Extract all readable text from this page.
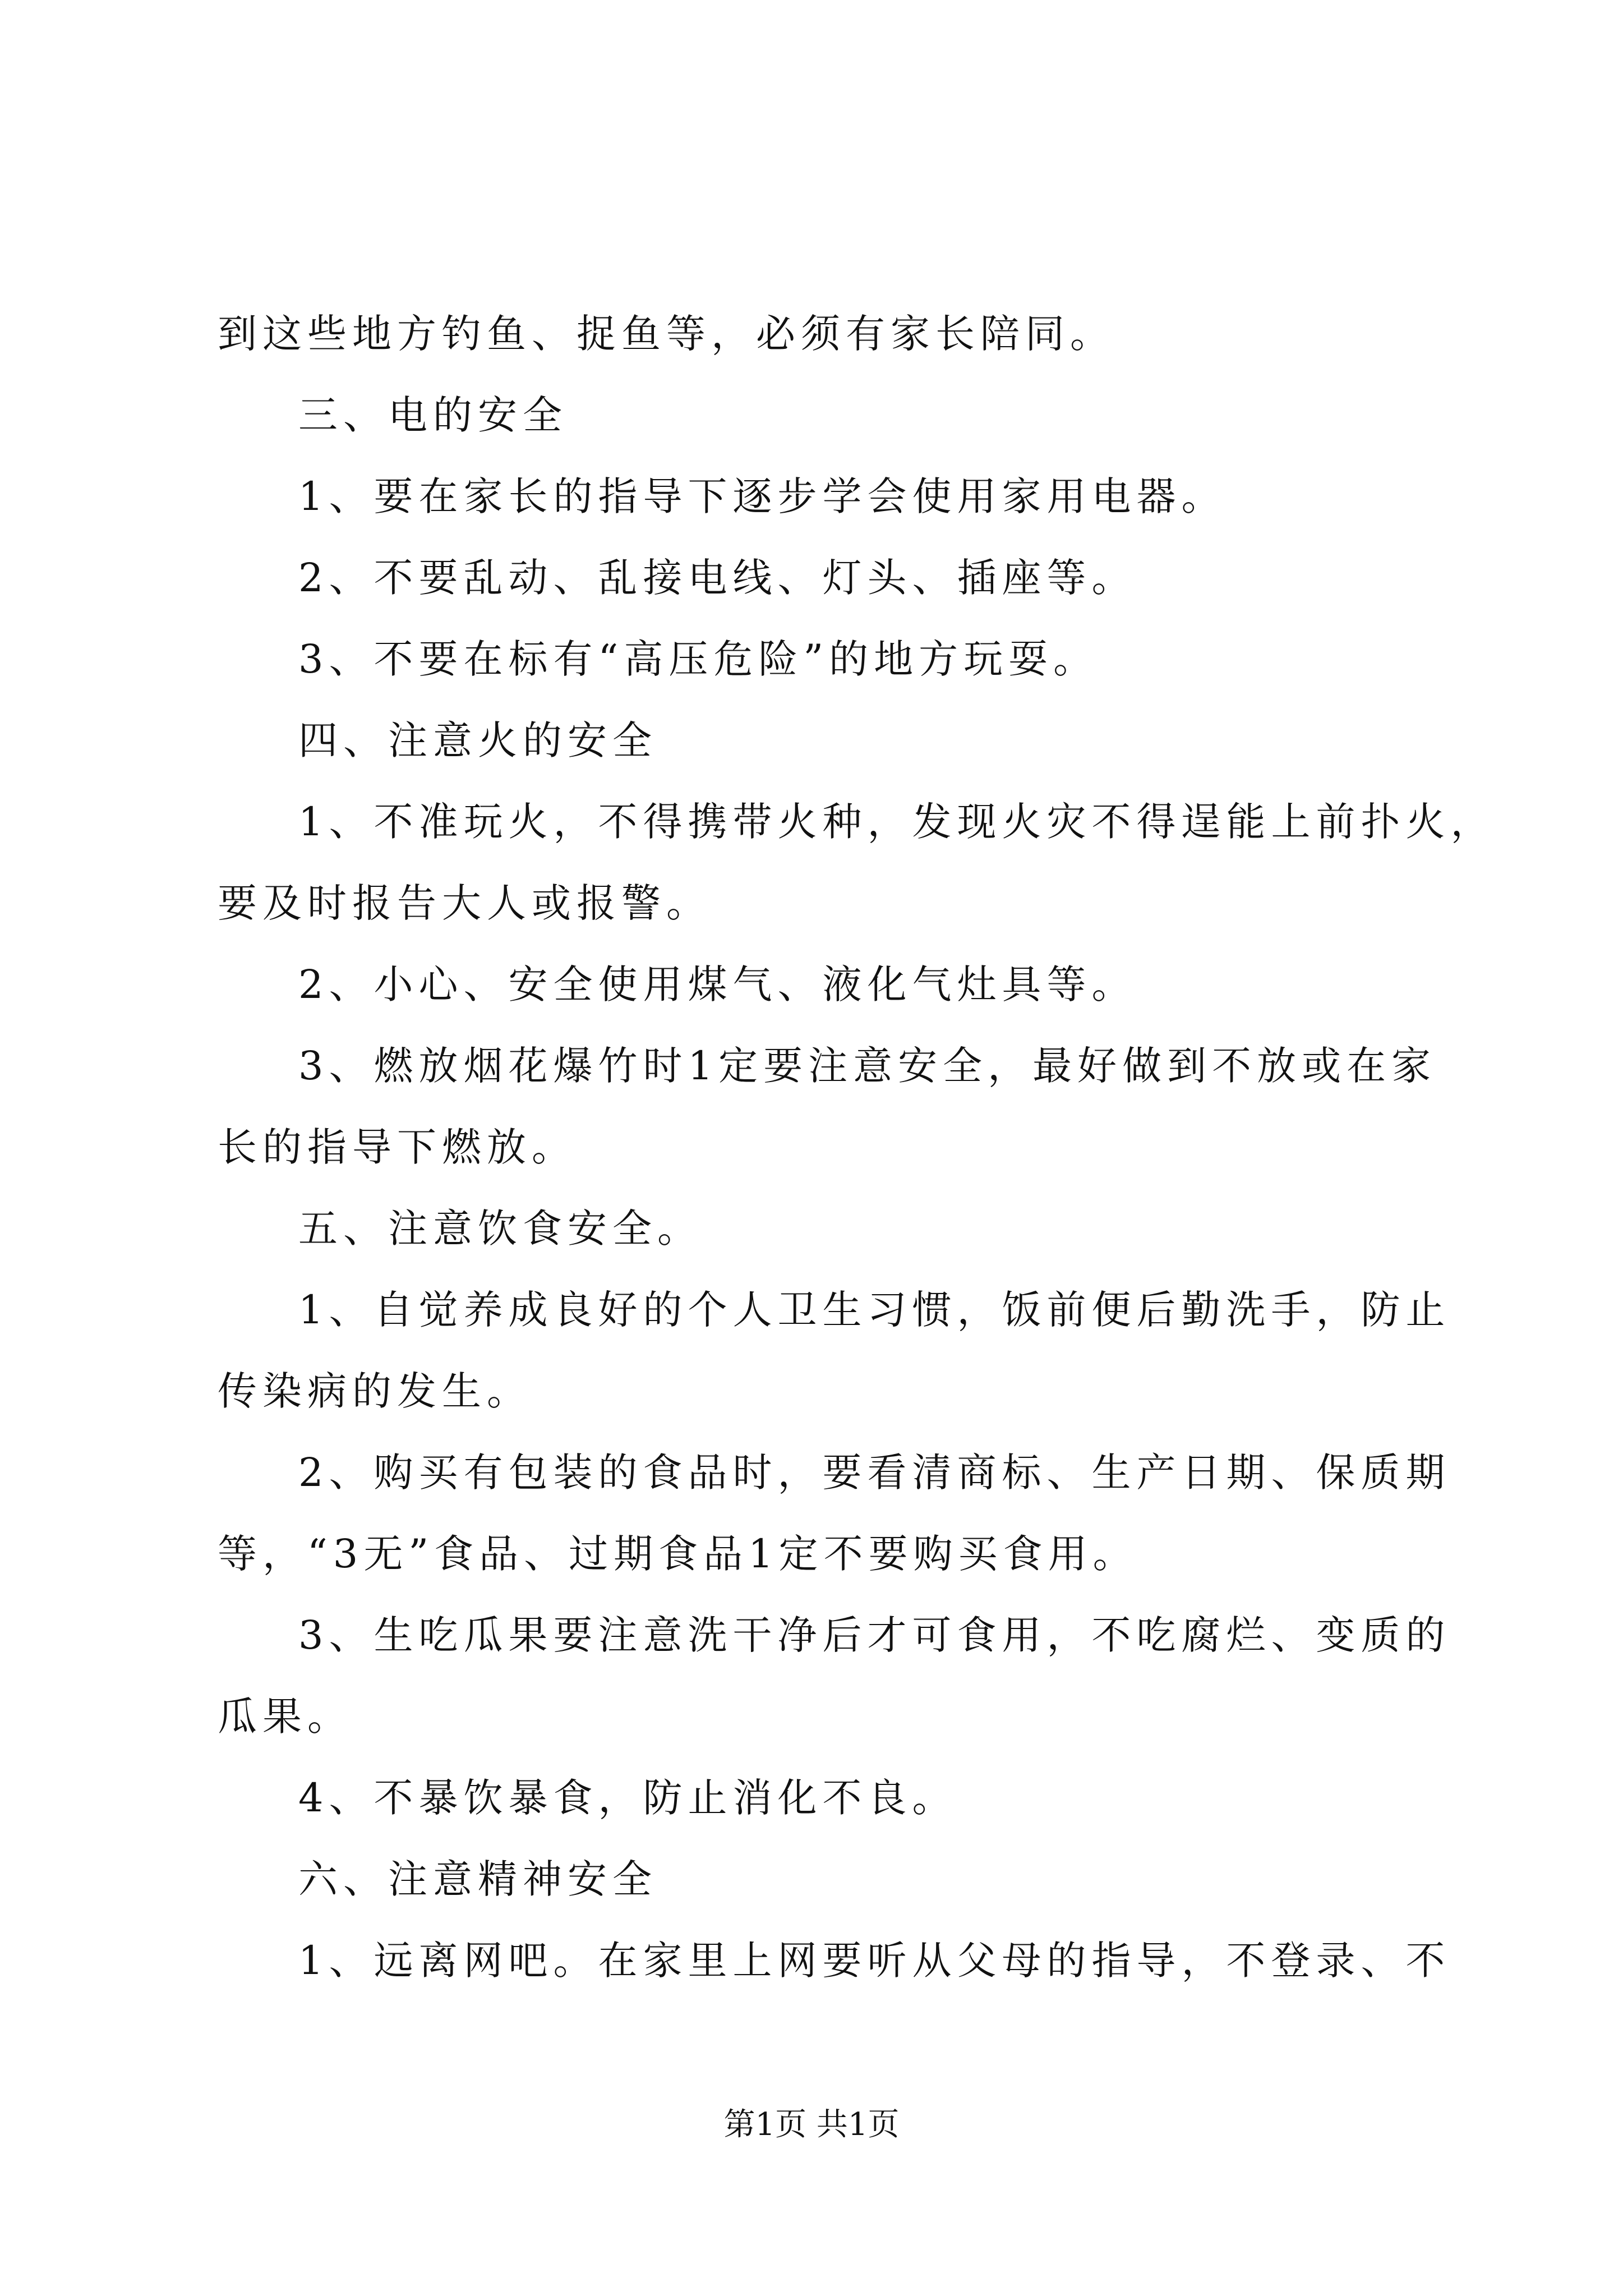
到这些地方钓鱼、捉鱼等，必须有家长陪同。
三、电的安全
1、要在家长的指导下逐步学会使用家用电器。
2、不要乱动、乱接电线、灯头、插座等。
3、不要在标有“高压危险”的地方玩耍。
四、注意火的安全
1、不准玩火，不得携带火种，发现火灾不得逞能上前扑火，
要及时报告大人或报警。
2、小心、安全使用煤气、液化气灶具等。
3、燃放烟花爆竹时1定要注意安全，最好做到不放或在家
长的指导下燃放。
五、注意饮食安全。
1、自觉养成良好的个人卫生习惯，饭前便后勤洗手，防止
传染病的发生。
2、购买有包装的食品时，要看清商标、生产日期、保质期
等，“3无”食品、过期食品1定不要购买食用。
3、生吃瓜果要注意洗干净后才可食用，不吃腐烂、变质的
瓜果。
4、不暴饮暴食，防止消化不良。
六、注意精神安全
1、远离网吧。在家里上网要听从父母的指导，不登录、不
第1页 共1页
